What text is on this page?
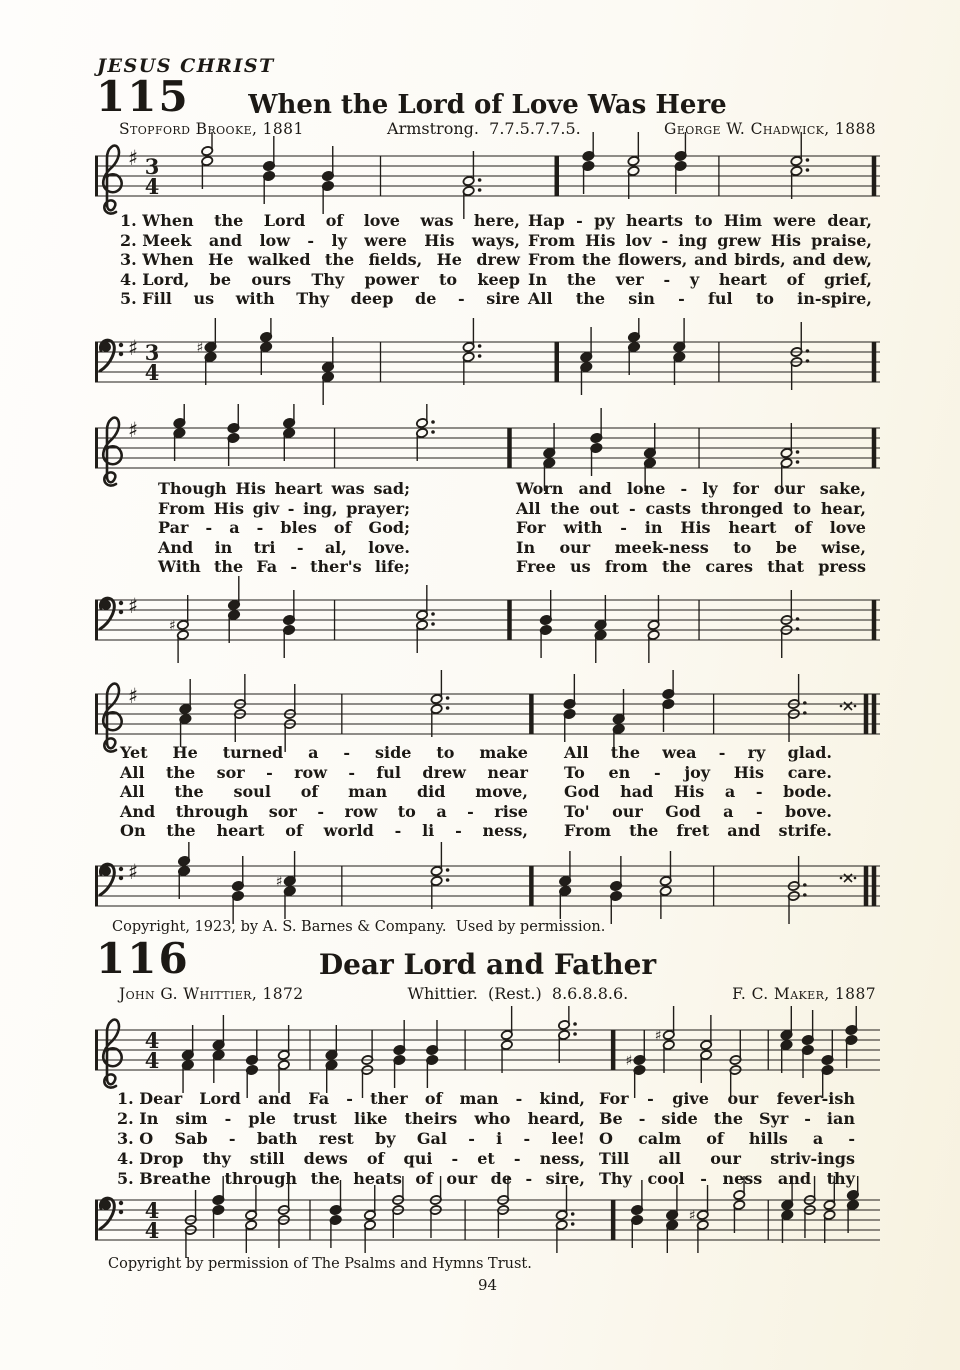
JESUS CHRIST
115	When the Lord of Love Was Here
Stopford Brooke, 1881	Armstrong.  7.7.5.7.7.5.	George W. Chadwick, 1888
♯ 3
4
1. When the Lord of love was here, Hap - py hearts to Him were dear,
2. Meek and low - ly were His ways, From His lov - ing grew His praise,
3. When He walked the fields, He drew From the flowers, and birds, and dew,
4. Lord, be ours Thy power to keep In the ver - y heart of grief,
5. Fill us with Thy deep de - sire All the sin - ful to in-spire,
♯ 3
4
♯
♯
Though His heart was sad;	Worn and lone - ly for our sake,
From His giv - ing, prayer;	All the out - casts thronged to hear,
Par - a - bles of God;	For with - in His heart of love
And in tri - al, love.	In our meek-ness to be wise,
With the Fa - ther's life;	Free us from the cares that press
♯
♯
♯
Yet He turned a - side to make All the wea - ry glad.
All the sor - row - ful drew near To en - joy His care.
All the soul of man did move, God had His a - bode.
And through sor - row to a - rise To' our God a - bove.
On the heart of world - li - ness, From the fret and strife.
♯	♯
Copyright, 1923, by A. S. Barnes & Company.  Used by permission.
116	Dear Lord and Father
John G. Whittier, 1872	Whittier.  (Rest.)  8.6.8.8.6.	F. C. Maker, 1887
4
4	♯
♯
1. Dear Lord and Fa - ther of man - kind, For - give our fever-ish
2. In sim - ple trust like theirs who heard, Be - side the Syr - ian
3. O Sab - bath rest by Gal - i - lee! O calm of hills a -
4. Drop thy still dews of qui - et - ness, Till all our striv-ings
5. Breathe through the heats of our de - sire, Thy cool - ness and thy
4
4
♯
Copyright by permission of The Psalms and Hymns Trust.
94
